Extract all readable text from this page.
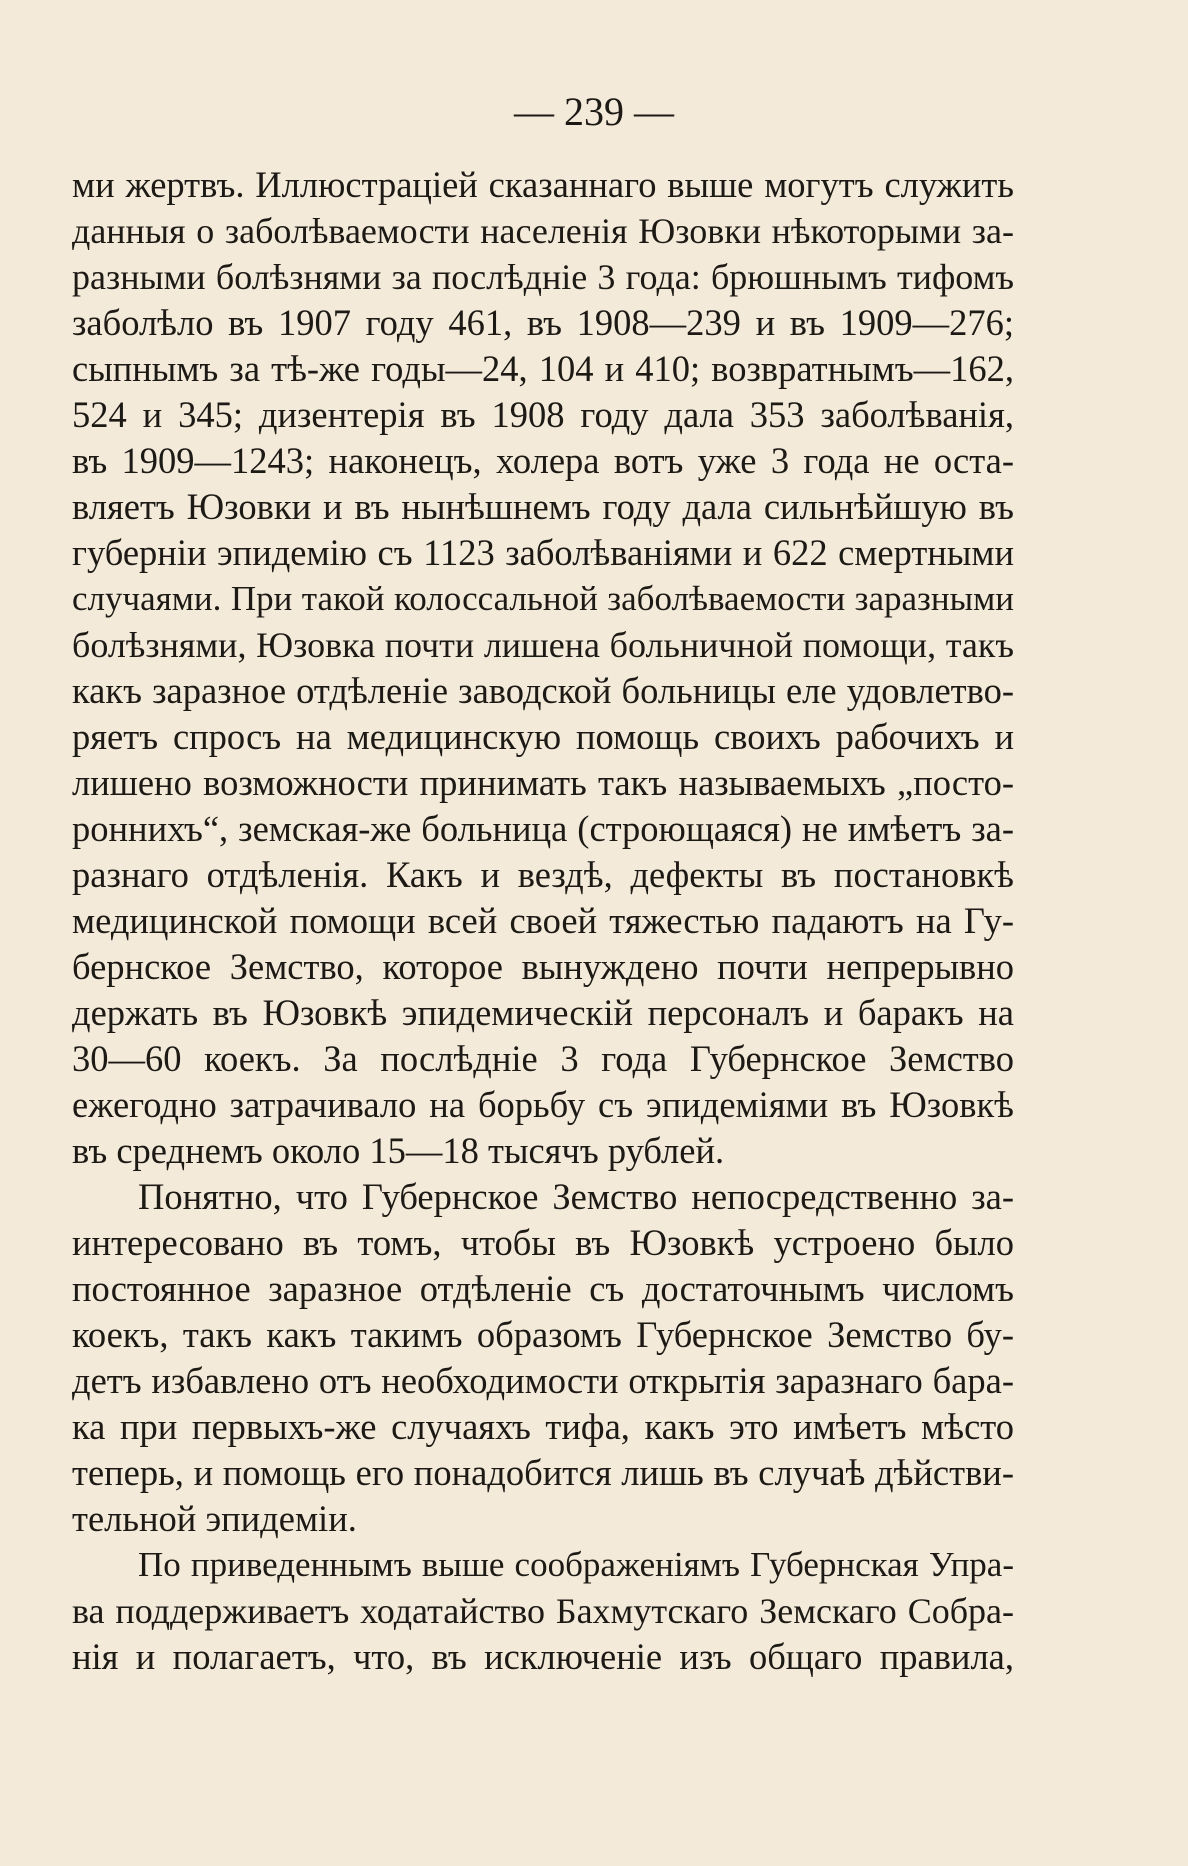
— 239 —
ми жертвъ. Иллюстраціей сказаннаго выше могутъ служить
данныя о заболѣваемости населенія Юзовки нѣкоторыми за-
разными болѣзнями за послѣдніе 3 года: брюшнымъ тифомъ
заболѣло въ 1907 году 461, въ 1908—239 и въ 1909—276;
сыпнымъ за тѣ-же годы—24, 104 и 410; возвратнымъ—162,
524 и 345; дизентерія въ 1908 году дала 353 заболѣванія,
въ 1909—1243; наконецъ, холера вотъ уже 3 года не оста-
вляетъ Юзовки и въ нынѣшнемъ году дала сильнѣйшую въ
губерніи эпидемію съ 1123 заболѣваніями и 622 смертными
случаями. При такой колоссальной заболѣваемости заразными
болѣзнями, Юзовка почти лишена больничной помощи, такъ
какъ заразное отдѣленіе заводской больницы еле удовлетво-
ряетъ спросъ на медицинскую помощь своихъ рабочихъ и
лишено возможности принимать такъ называемыхъ „посто-
роннихъ“, земская-же больница (строющаяся) не имѣетъ за-
разнаго отдѣленія. Какъ и вездѣ, дефекты въ постановкѣ
медицинской помощи всей своей тяжестью падаютъ на Гу-
бернское Земство, которое вынуждено почти непрерывно
держать въ Юзовкѣ эпидемическій персоналъ и баракъ на
30—60 коекъ. За послѣдніе 3 года Губернское Земство
ежегодно затрачивало на борьбу съ эпидеміями въ Юзовкѣ
въ среднемъ около 15—18 тысячъ рублей.
Понятно, что Губернское Земство непосредственно за-
интересовано въ томъ, чтобы въ Юзовкѣ устроено было
постоянное заразное отдѣленіе съ достаточнымъ числомъ
коекъ, такъ какъ такимъ образомъ Губернское Земство бу-
детъ избавлено отъ необходимости открытія заразнаго бара-
ка при первыхъ-же случаяхъ тифа, какъ это имѣетъ мѣсто
теперь, и помощь его понадобится лишь въ случаѣ дѣйстви-
тельной эпидеміи.
По приведеннымъ выше соображеніямъ Губернская Упра-
ва поддерживаетъ ходатайство Бахмутскаго Земскаго Собра-
нія и полагаетъ, что, въ исключеніе изъ общаго правила,
